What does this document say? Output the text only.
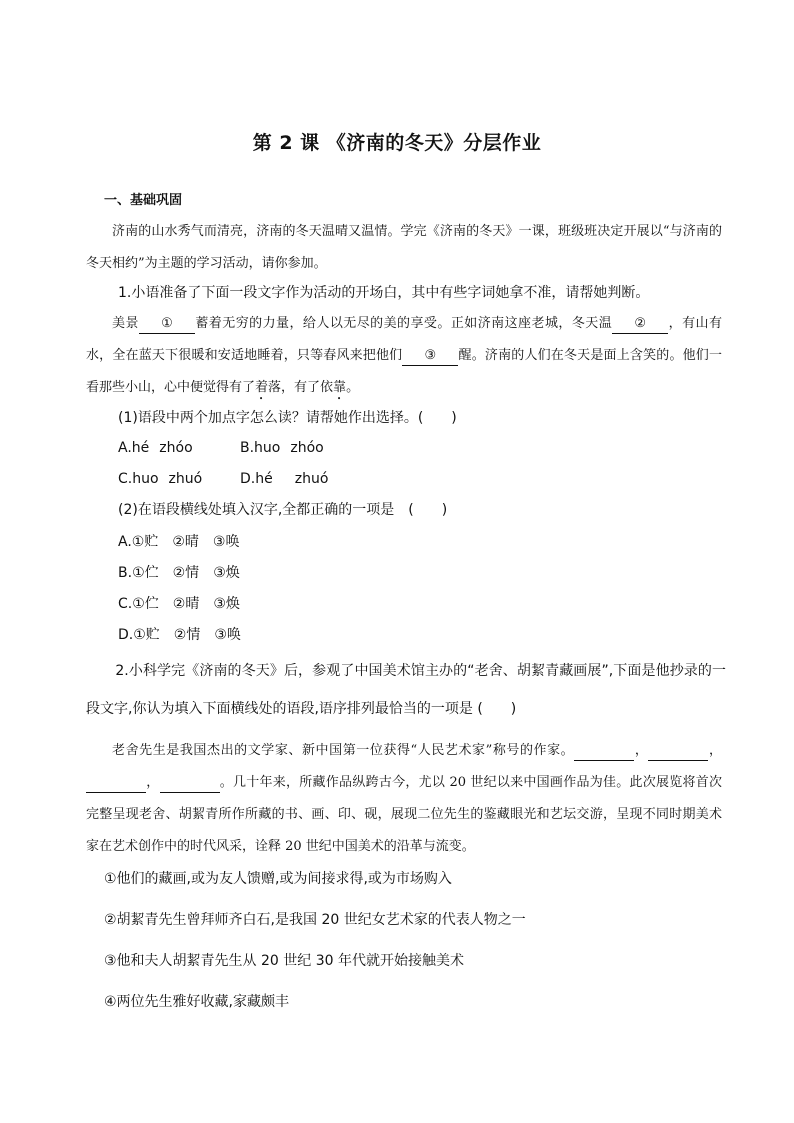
第 2 课 《济南的冬天》分层作业
一、基础巩固
济南的山水秀气而清亮，济南的冬天温晴又温情。学完《济南的冬天》一课，班级班决定开展以“与济南的冬天相约”为主题的学习活动，请你参加。
1.小语准备了下面一段文字作为活动的开场白，其中有些字词她拿不准，请帮她判断。
美景 ① 蓄着无穷的力量，给人以无尽的美的享受。正如济南这座老城，冬天温 ② ，有山有水，全在蓝天下很暖和安适地睡着，只等春风来把他们 ③ 醒。济南的人们在冬天是面上含笑的。他们一看那些小山，心中便觉得有了着落，有了依靠。
(1)语段中两个加点字怎么读？请帮她作出选择。(　　)
A.hé zhóo	B.huo zhóo
C.huo zhuó	D.hé zhuó
(2)在语段横线处填入汉字,全都正确的一项是　(　　)
A.①贮 ②晴 ③唤
B.①伫 ②情 ③焕
C.①伫 ②晴 ③焕
D.①贮 ②情 ③唤
2.小科学完《济南的冬天》后，参观了中国美术馆主办的“老舍、胡絜青藏画展”,下面是他抄录的一段文字,你认为填入下面横线处的语段,语序排列最恰当的一项是 (　　)
老舍先生是我国杰出的文学家、新中国第一位获得“人民艺术家”称号的作家。	，	，，	。几十年来，所藏作品纵跨古今，尤以 20 世纪以来中国画作品为佳。此次展览将首次完整呈现老舍、胡絜青所作所藏的书、画、印、砚，展现二位先生的鉴藏眼光和艺坛交游，呈现不同时期美术家在艺术创作中的时代风采，诠释 20 世纪中国美术的沿革与流变。
①他们的藏画,或为友人馈赠,或为间接求得,或为市场购入
②胡絜青先生曾拜师齐白石,是我国 20 世纪女艺术家的代表人物之一
③他和夫人胡絜青先生从 20 世纪 30 年代就开始接触美术
④两位先生雅好收藏,家藏颇丰
